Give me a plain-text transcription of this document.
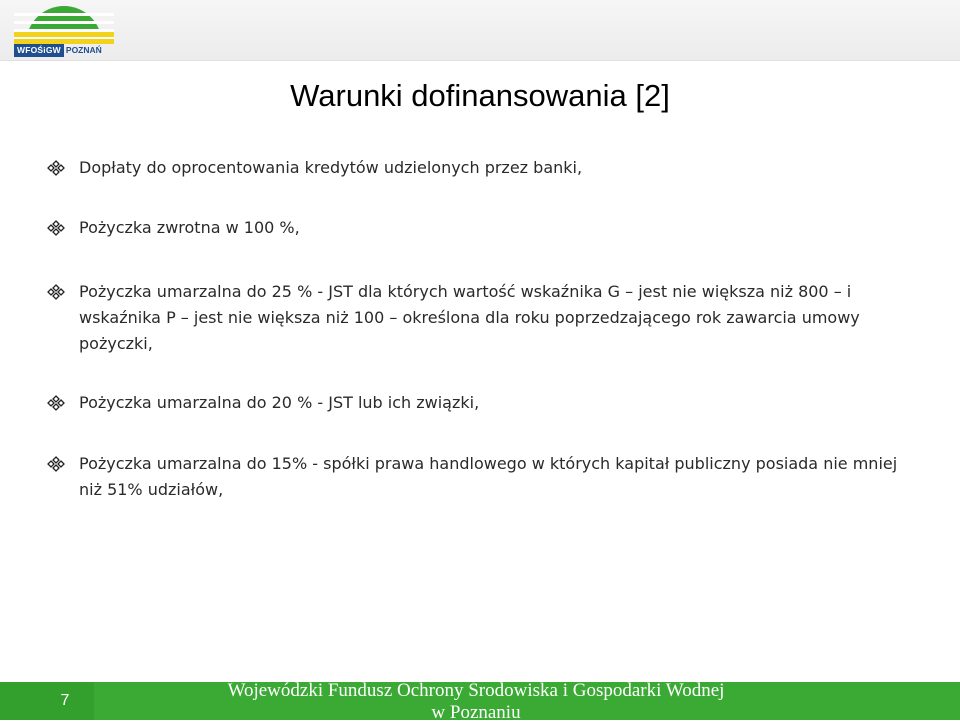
WFOŚiGW POZNAŃ
Warunki dofinansowania [2]
Dopłaty do oprocentowania kredytów udzielonych przez banki,
Pożyczka zwrotna w 100 %,
Pożyczka umarzalna do 25 % - JST dla których wartość wskaźnika G – jest nie większa niż 800 – i wskaźnika P – jest nie większa niż 100 – określona dla roku poprzedzającego rok zawarcia umowy pożyczki,
Pożyczka umarzalna do 20 % - JST lub ich związki,
Pożyczka umarzalna do 15% - spółki prawa handlowego w których kapitał publiczny posiada nie mniej niż 51% udziałów,
7	Wojewódzki Fundusz Ochrony Środowiska i Gospodarki Wodnej
w Poznaniu
